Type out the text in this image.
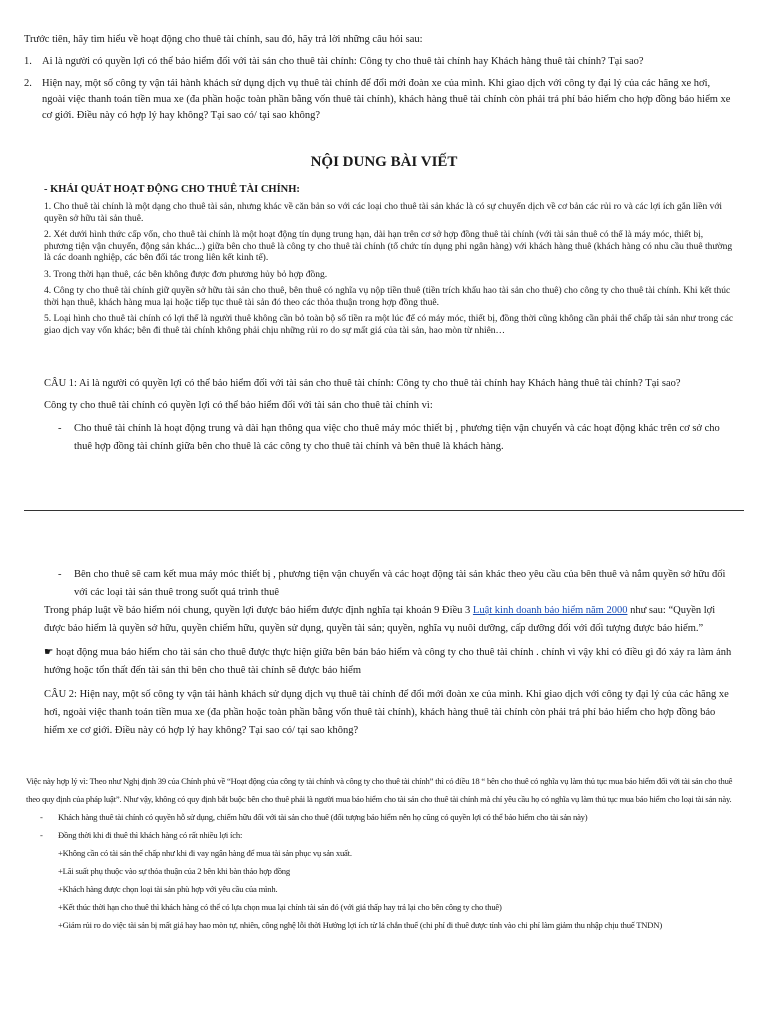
Trước tiên, hãy tìm hiểu về hoạt động cho thuê tài chính, sau đó, hãy trả lời những câu hỏi sau:

1. Ai là người có quyền lợi có thể bảo hiểm đối với tài sản cho thuê tài chính: Công ty cho thuê tài chính hay Khách hàng thuê tài chính? Tại sao?
2. Hiện nay, một số công ty vận tải hành khách sử dụng dịch vụ thuê tài chính để đổi mới đoàn xe của mình. Khi giao dịch với công ty đại lý của các hãng xe hơi, ngoài việc thanh toán tiền mua xe (đa phần hoặc toàn phần bằng vốn thuê tài chính), khách hàng thuê tài chính còn phải trả phí bảo hiểm cho hợp đồng bảo hiểm xe cơ giới. Điều này có hợp lý hay không? Tại sao có/ tại sao không?
NỘI DUNG BÀI VIẾT
- KHÁI QUÁT HOẠT ĐỘNG CHO THUÊ TÀI CHÍNH:

1. Cho thuê tài chính là một dạng cho thuê tài sản, nhưng khác về căn bản so với các loại cho thuê tài sản khác là có sự chuyển dịch về cơ bản các rủi ro và các lợi ích gắn liền với quyền sở hữu tài sản thuê.

2. Xét dưới hình thức cấp vốn, cho thuê tài chính là một hoạt động tín dụng trung hạn, dài hạn trên cơ sở hợp đồng thuê tài chính (với tài sản thuê có thể là máy móc, thiết bị, phương tiện vận chuyển, động sản khác...) giữa bên cho thuê là công ty cho thuê tài chính (tổ chức tín dụng phi ngân hàng) với khách hàng thuê (khách hàng có nhu cầu thuê thường là các doanh nghiệp, các bên đối tác trong liên kết kinh tế).

3. Trong thời hạn thuê, các bên không được đơn phương hủy bỏ hợp đồng.

4. Công ty cho thuê tài chính giữ quyền sở hữu tài sản cho thuê, bên thuê có nghĩa vụ nộp tiền thuê (tiền trích khấu hao tài sản cho thuê) cho công ty cho thuê tài chính. Khi kết thúc thời hạn thuê, khách hàng mua lại hoặc tiếp tục thuê tài sản đó theo các thỏa thuận trong hợp đồng thuê.

5. Loại hình cho thuê tài chính có lợi thế là người thuê không cần bỏ toàn bộ số tiền ra một lúc để có máy móc, thiết bị, đồng thời cũng không cần phải thế chấp tài sản như trong các giao dịch vay vốn khác; bên đi thuê tài chính không phải chịu những rủi ro do sự mất giá của tài sản, hao mòn từ nhiên…

CÂU 1: Ai là người có quyền lợi có thể bảo hiểm đối với tài sản cho thuê tài chính: Công ty cho thuê tài chính hay Khách hàng thuê tài chính? Tại sao?

Công ty cho thuê tài chính có quyền lợi có thể bảo hiểm đối với tài sản cho thuê tài chính vì:

- Cho thuê tài chính là hoạt động trung và dài hạn thông qua việc cho thuê máy móc thiết bị , phương tiện vận chuyển và các hoạt động khác trên cơ sở cho thuê hợp đồng tài chính giữa bên cho thuê là các công ty cho thuê tài chính và bên thuê là khách hàng.
- Bên cho thuê sẽ cam kết mua máy móc thiết bị , phương tiện vận chuyển và các hoạt động tài sản khác theo yêu cầu của bên thuê và nắm quyền sở hữu đối với các loại tài sản thuê trong suốt quá trình thuê

Trong pháp luật về bảo hiểm nói chung, quyền lợi được bảo hiểm được định nghĩa tại khoản 9 Điều 3 Luật kinh doanh bảo hiểm năm 2000 như sau: “Quyền lợi được bảo hiểm là quyền sở hữu, quyền chiếm hữu, quyền sử dụng, quyền tài sản; quyền, nghĩa vụ nuôi dưỡng, cấp dưỡng đối với đối tượng được bảo hiểm.”

☛ hoạt động mua bảo hiểm cho tài sản cho thuê được thực hiện giữa bên bán bảo hiểm và công ty cho thuê tài chính . chính vì vậy khi có điều gì đó xảy ra làm ảnh hưởng hoặc tổn thất đến tài sản thì bên cho thuê tài chính sẽ được bảo hiểm

CÂU 2: Hiện nay, một số công ty vận tải hành khách sử dụng dịch vụ thuê tài chính để đổi mới đoàn xe của mình. Khi giao dịch với công ty đại lý của các hãng xe hơi, ngoài việc thanh toán tiền mua xe (đa phần hoặc toàn phần bằng vốn thuê tài chính), khách hàng thuê tài chính còn phải trả phí bảo hiểm cho hợp đồng bảo hiểm xe cơ giới. Điều này có hợp lý hay không? Tại sao có/ tại sao không?

Việc này hợp lý vì: Theo như Nghị định 39 của Chính phủ về “Hoạt động của công ty tài chính và công ty cho thuê tài chính” thì có điều 18 “ bên cho thuê có nghĩa vụ làm thủ tục mua bảo hiểm đối với tài sản cho thuê theo quy định của pháp luật”. Như vậy, không có quy định bắt buộc bên cho thuê phải là người mua bảo hiểm cho tài sản cho thuê tài chính mà chỉ yêu cầu họ có nghĩa vụ làm thủ tục mua bảo hiểm cho loại tài sản này.

- Khách hàng thuê tài chính có quyền hỗ sử dụng, chiếm hữu đối với tài sản cho thuê (đối tượng bảo hiểm nên họ cũng có quyền lợi có thể bảo hiểm cho tài sản này)
- Đồng thời khi đi thuê thì khách hàng có rất nhiều lợi ích:

+Không cần có tài sản thế chấp như khi đi vay ngân hàng để mua tài sản phục vụ sản xuất.

+Lãi suất phụ thuộc vào sự thỏa thuận của 2 bên khi bàn thảo hợp đồng

+Khách hàng được chọn loại tài sản phù hợp với yêu cầu của mình.

+Kết thúc thời hạn cho thuê thì khách hàng có thể có lựa chọn mua lại chính tài sản đó (với giá thấp hay trả lại cho bên công ty cho thuê)

+Giảm rủi ro do việc tài sản bị mất giá hay hao mòn tự, nhiên, công nghệ lỗi thời Hưởng lợi ích từ lá chắn thuế (chi phí đi thuê được tính vào chi phí làm giảm thu nhập chịu thuế TNDN)
